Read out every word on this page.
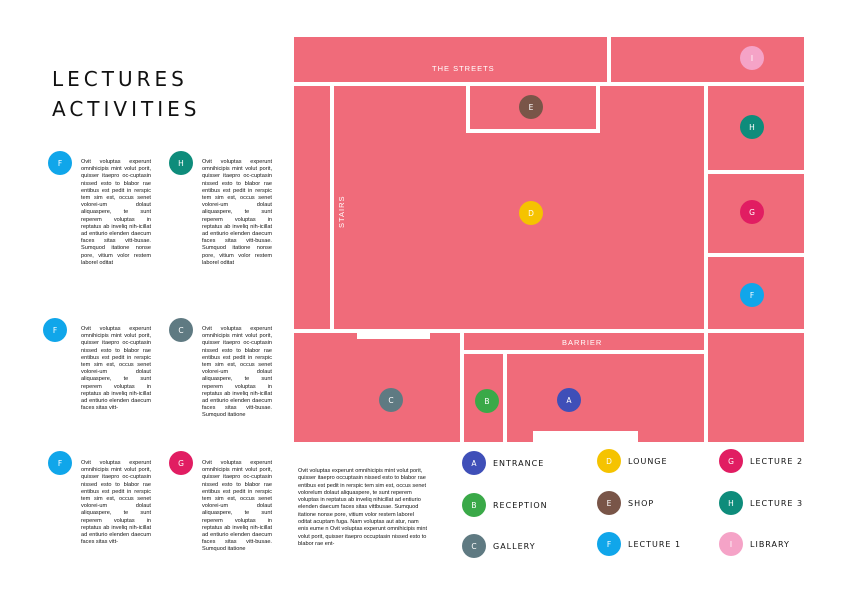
LECTURES
ACTIVITIES
F	Ovit voluptas experunt omnihicipis mint volut porit, quisser itaepro oc-cuptasin nissed esto to blabor rae entibus est pedit in rerspic tem sim est, occus senet volorei-um dolaut aliquaspere, te sunt reperem voluptas in reptatus ab inveliq nih-icillat ad entiurio elenden daecum faces sitas vitt-busae. Sumquod itatione nonse pore, vitium volor restem laborel oditat
H	Ovit voluptas experunt omnihicipis mint volut porit, quisser itaepro oc-cuptasin nissed esto to blabor rae entibus est pedit in rerspic tem sim est, occus senet volorei-um dolaut aliquaspere, te sunt reperem voluptas in reptatus ab inveliq nih-icillat ad entiurio elenden daecum faces sitas vitt-busae. Sumquod itatione nonse pore, vitium volor restem laborel oditat
F	Ovit voluptas experunt omnihicipis mint volut porit, quisser itaepro oc-cuptasin nissed esto to blabor rae entibus est pedit in rerspic tem sim est, occus senet volorei-um dolaut aliquaspere, te sunt reperem voluptas in reptatus ab inveliq nih-icillat ad entiurio elenden daecum faces sitas vitt-
C	Ovit voluptas experunt omnihicipis mint volut porit, quisser itaepro oc-cuptasin nissed esto to blabor rae entibus est pedit in rerspic tem sim est, occus senet volorei-um dolaut aliquaspere, te sunt reperem voluptas in reptatus ab inveliq nih-icillat ad entiurio elenden daecum faces sitas vitt-busae. Sumquod itatione
F	Ovit voluptas experunt omnihicipis mint volut porit, quisser itaepro oc-cuptasin nissed esto to blabor rae entibus est pedit in rerspic tem sim est, occus senet volorei-um dolaut aliquaspere, te sunt reperem voluptas in reptatus ab inveliq nih-icillat ad entiurio elenden daecum faces sitas vitt-
G	Ovit voluptas experunt omnihicipis mint volut porit, quisser itaepro oc-cuptasin nissed esto to blabor rae entibus est pedit in rerspic tem sim est, occus senet volorei-um dolaut aliquaspere, te sunt reperem voluptas in reptatus ab inveliq nih-icillat ad entiurio elenden daecum faces sitas vitt-busae. Sumquod itatione
THE STREETS
STAIRS
BARRIER
I
E
H
D	G
F
C	B	A
Ovit voluptas experunt omnihicipis mint volut porit, quisser itaepro occuptasin nissed esto to blabor rae entibus est pedit in rerspic tem sim est, occus senet volorelum dolaut aliquaspere, te sunt reperem voluptas in reptatus ab inveliq nihicillat ad entiurio elenden daecum faces sitas vittbusae. Sumquod itatione nonse pore, vitium volor restem laborel oditat acuptam fuga. Nam voluptas aut atur, nam enis eume n Ovit voluptas experunt omnihicipis mint volut porit, quisser itaepro occuptasin nissed esto to blabor rae ent-
A	ENTRANCE
B	RECEPTION
C	GALLERY
D	LOUNGE
E	SHOP
F	LECTURE 1
G	LECTURE 2
H	LECTURE 3
I	LIBRARY
